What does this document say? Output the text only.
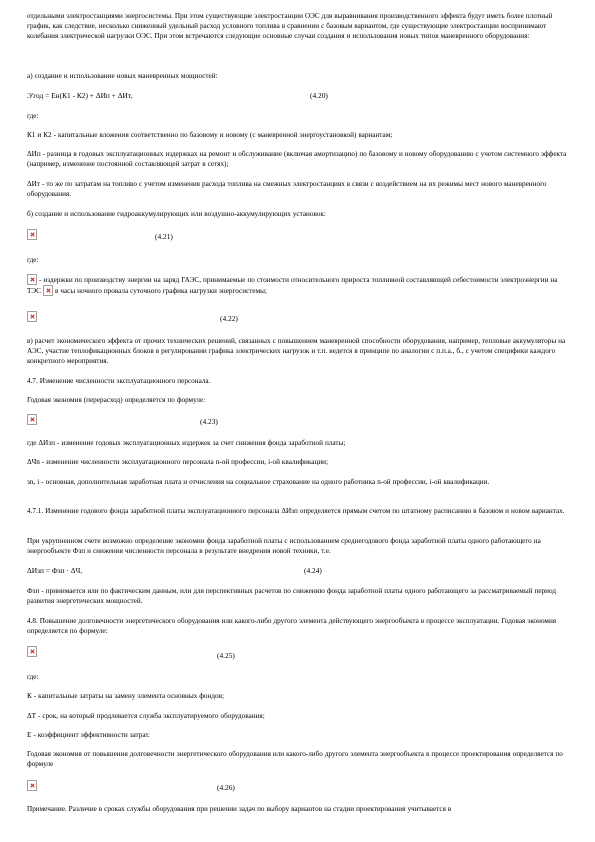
отдельными электростанциями энергосистемы. При этом существующие электростанции ОЭС для выравнивания производственного эффекта будут иметь более плотный график, как следствие, несколько сниженный удельный расход условного топлива в сравнении с базовым вариантом, где существующие электростанции воспринимают колебания электрической нагрузки ОЭС. При этом встречаются следующие основные случаи создания и использования новых типов маневренного оборудования:

а) создание и использование новых маневренных мощностей:

Э'год = Ен(К1 - К2) + ΔИп + ΔИт,	(4.20)

где:

К1 и К2 - капитальные вложения соответственно по базовому и новому (с маневренной энергоустановкой) вариантам;

ΔИп - разница в годовых эксплуатационных издержках на ремонт и обслуживание (включая амортизацию) по базовому и новому оборудованию с учетом системного эффекта (например, изменение постоянной составляющей затрат в сетях);

ΔИт - то же по затратам на топливо с учетом изменения расхода топлива на смежных электростанциях в связи с воздействием на их режимы мест нового маневренного оборудования.

б) создание и использование гидроаккумулирующих или воздушно-аккумулирующих установок:

(4.21)

где:

- издержки по производству энергии на заряд ГАЭС, принимаемые по стоимости относительного прироста топливной составляющей себестоимости электроэнергии на ТЭС в часы ночного провала суточного графика нагрузки энергосистемы;

(4.22)

в) расчет экономического эффекта от прочих технических решений, связанных с повышением маневренной способности оборудования, например, тепловые аккумуляторы на АЭС, участие теплофикационных блоков в регулировании графика электрических нагрузок и т.п. ведется в принципе по аналогии с п.п.а., б., с учетом специфики каждого конкретного мероприятия.

4.7. Изменение численности эксплуатационного персонала.

Годовая экономия (перерасход) определяется по формуле:

(4.23)

где ΔИзп - изменение годовых эксплуатационных издержек за счет снижения фонда заработной платы;

ΔЧn - изменение численности эксплуатационного персонала n-ой профессии, i-ой квалификации;

зn, i - основная, дополнительная заработная плата и отчисления на социальное страхование на одного работника n-ой профессии, i-ой квалификации.

4.7.1. Изменение годового фонда заработной платы эксплуатационного персонала ΔИзп определяется прямым счетом по штатному расписанию в базовом и новом вариантах.

При укрупненном счете возможно определение экономии фонда заработной платы с использованием среднегодового фонда заработной платы одного работающего на энергообъекте Фзп и снижения численности персонала в результате внедрения новой техники, т.е.

ΔИзп = Фзп · ΔЧ,	(4.24)

Фзп - принимается или по фактическим данным, или для перспективных расчетов по снижению фонда заработной платы одного работающего за рассматриваемый период развития энергетических мощностей.

4.8. Повышение долговечности энергетического оборудования или какого-либо другого элемента действующего энергообъекта в процессе эксплуатации. Годовая экономия определяется по формуле:

(4.25)

где:

К - капитальные затраты на замену элемента основных фондов;

ΔТ - срок, на который продлевается служба эксплуатируемого оборудования;

Е - коэффициент эффективности затрат.

Годовая экономия от повышения долговечности энергетического оборудования или какого-либо другого элемента энергообъекта в процессе проектирования определяется по формуле

(4.26)

Примечание. Различие в сроках службы оборудования при решении задач по выбору вариантов на стадии проектирования учитывается в
